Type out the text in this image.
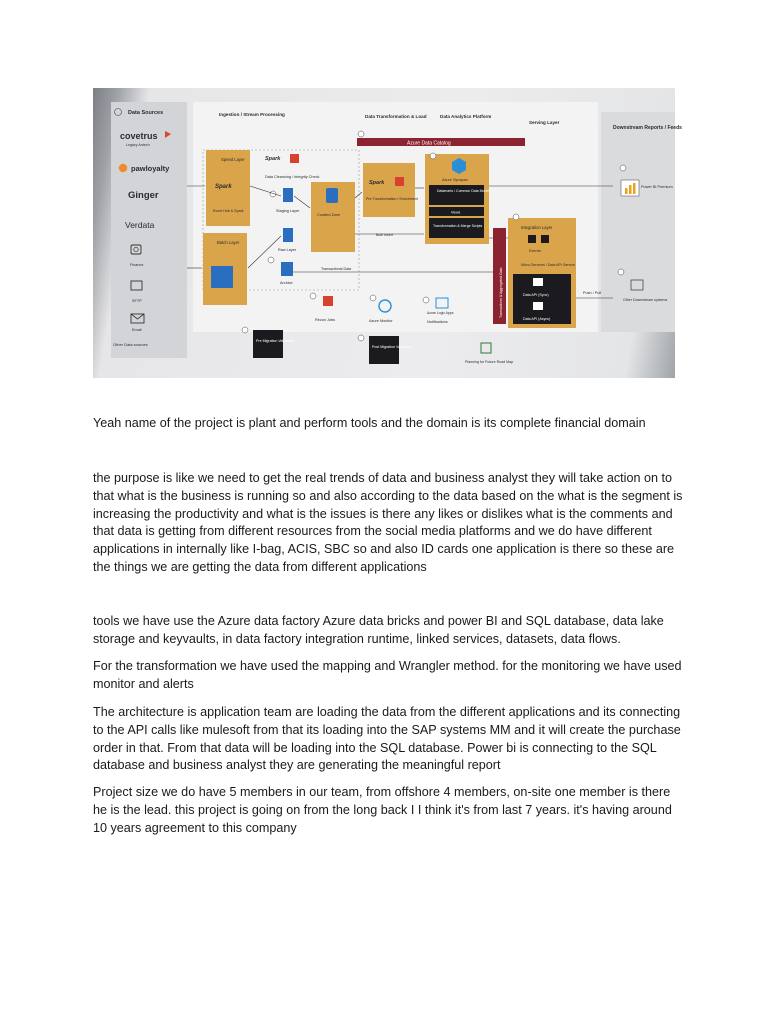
Data Sources	Ingestion / Stream Processing	Data Transformation & Load	Data Analytics Platform
Serving Layer
Downstream Reports / Feeds
covetrus
Legacy Antech
pawloyalty
Ginger
Verdata
Finance
SFTP
Email
Other Data sources
Azure Data Catalog
Speed Layer
Spark
Event Hub & Spark
Batch Layer
Spark
Data Cleansing / Integrity Check
Staging Layer
Raw Layer
Archive
Curated Zone
Spark
Pre Transformation / Enrichment
Azure Synapse
Datamarts / Common Data Model
Views
Transformation & Merge Scripts
Bulk Insert
Transactional Data	Transactions & Aggregated Data
Integration Layer
Events
Micro-Services / Data API Service
Data API (Sync)
Data API (Async)
Push / Pull
Power BI Premium
Other Downstream systems
Recon Jobs	Azure Monitor
Azure Logic Apps
Notifications
Pre Migration Validation
Post Migration Validation
Planning for Future Road Map

Yeah name of the project is plant and perform tools and the domain is its complete financial domain

the purpose is like we need to get the real trends of data and business analyst they will take action on to that what is the business is running so and also according to the data based on the what is the segment is increasing the productivity and what is the issues is there any likes or dislikes what is the comments and that data is getting from different resources from the social media platforms and we do have different applications in internally like I-bag, ACIS, SBC so and also ID cards one application is there so these are the things we are getting the data from different applications

tools we have use the Azure data factory Azure data bricks and power BI and SQL database, data lake storage and keyvaults, in data factory integration runtime, linked services, datasets, data flows.

For the transformation we have used the mapping and Wrangler method. for the monitoring we have used monitor and alerts

The architecture is application team are loading the data from the different applications and its connecting to the API calls like mulesoft from that its loading into the SAP systems MM and it will create the purchase order in that. From that data will be loading into the SQL database. Power bi is connecting to the SQL database and business analyst they are generating the meaningful report

Project size we do have 5 members in our team, from offshore 4 members, on-site one member is there he is the lead. this project is going on from the long back I I think it's from last 7 years. it's having around 10 years agreement to this company
